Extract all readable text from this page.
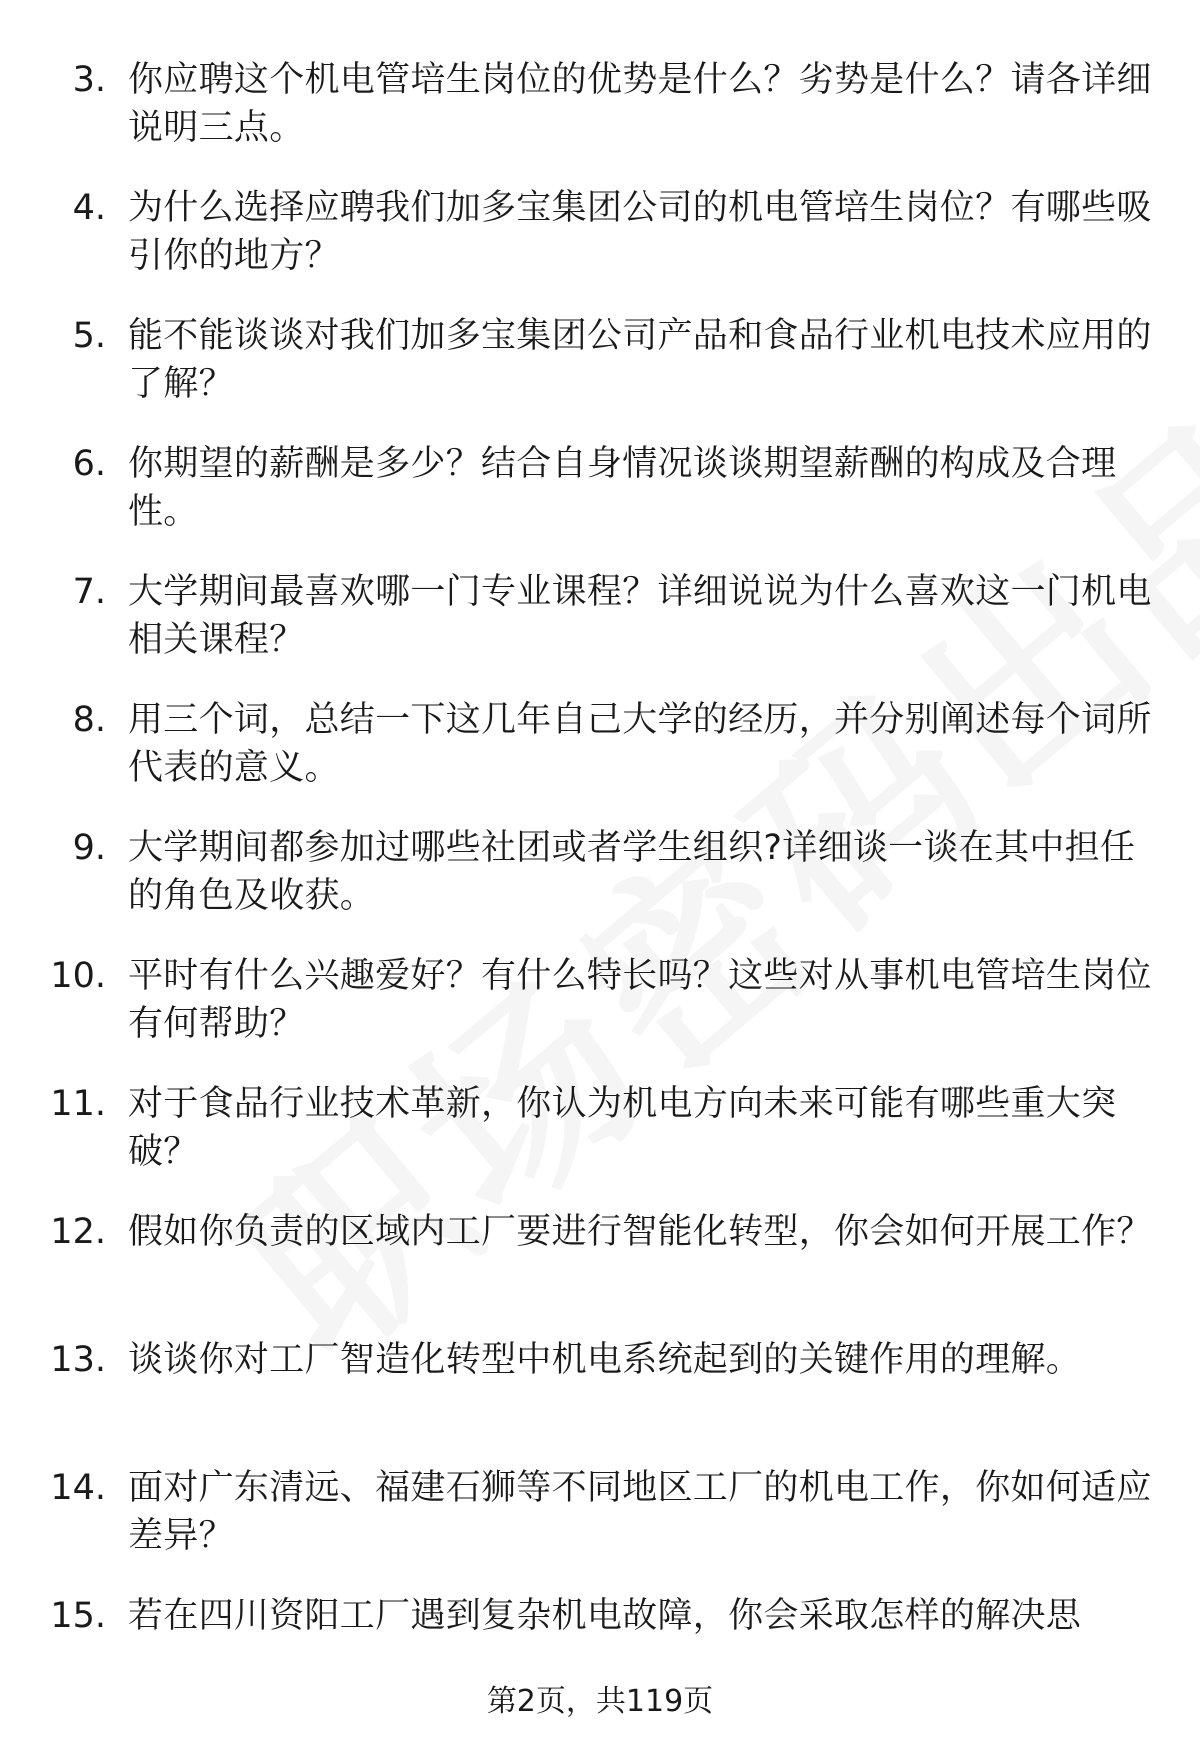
3. 你应聘这个机电管培生岗位的优势是什么？劣势是什么？请各详细说明三点。
4. 为什么选择应聘我们加多宝集团公司的机电管培生岗位？有哪些吸引你的地方？
5. 能不能谈谈对我们加多宝集团公司产品和食品行业机电技术应用的了解？
6. 你期望的薪酬是多少？结合自身情况谈谈期望薪酬的构成及合理性。
7. 大学期间最喜欢哪一门专业课程？详细说说为什么喜欢这一门机电相关课程？
8. 用三个词，总结一下这几年自己大学的经历，并分别阐述每个词所代表的意义。
9. 大学期间都参加过哪些社团或者学生组织?详细谈一谈在其中担任的角色及收获。
10. 平时有什么兴趣爱好？有什么特长吗？这些对从事机电管培生岗位有何帮助？
11. 对于食品行业技术革新，你认为机电方向未来可能有哪些重大突破？
12. 假如你负责的区域内工厂要进行智能化转型，你会如何开展工作？
13. 谈谈你对工厂智造化转型中机电系统起到的关键作用的理解。
14. 面对广东清远、福建石狮等不同地区工厂的机电工作，你如何适应差异？
15. 若在四川资阳工厂遇到复杂机电故障，你会采取怎样的解决思
第2页，共119页
